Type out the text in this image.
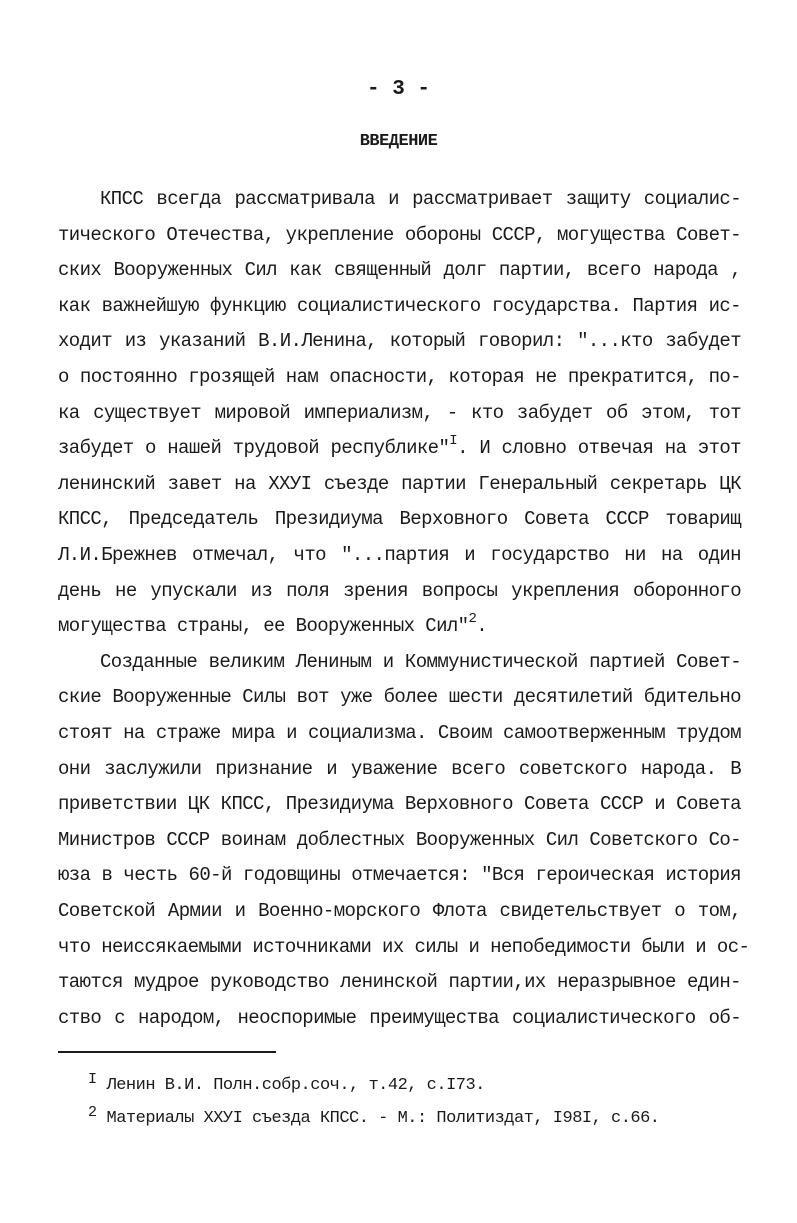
- 3 -
ВВЕДЕНИЕ
КПСС всегда рассматривала и рассматривает защиту социалис-
тического Отечества, укрепление обороны СССР, могущества Совет-
ских Вооруженных Сил как священный долг партии, всего народа ,
как важнейшую функцию социалистического государства. Партия ис-
ходит из указаний В.И.Ленина, который говорил: "...кто забудет
о постоянно грозящей нам опасности, которая не прекратится, по-
ка существует мировой империализм, - кто забудет об этом, тот
забудет о нашей трудовой республике"$^I$. И словно отвечая на этот
ленинский завет на ХХУI съезде партии Генеральный секретарь ЦК
КПСС, Председатель Президиума Верховного Совета СССР товарищ
Л.И.Брежнев отмечал, что "...партия и государство ни на один
день не упускали из поля зрения вопросы укрепления оборонного
могущества страны, ее Вооруженных Сил"$^2$.
Созданные великим Лениным и Коммунистической партией Совет-
ские Вооруженные Силы вот уже более шести десятилетий бдительно
стоят на страже мира и социализма. Своим самоотверженным трудом
они заслужили признание и уважение всего советского народа. В
приветствии ЦК КПСС, Президиума Верховного Совета СССР и Совета
Министров СССР воинам доблестных Вооруженных Сил Советского Со-
юза в честь 60-й годовщины отмечается: "Вся героическая история
Советской Армии и Военно-морского Флота свидетельствует о том,
что неиссякаемыми источниками их силы и непобедимости были и ос-
таются мудрое руководство ленинской партии,их неразрывное един-
ство с народом, неоспоримые преимущества социалистического об-
I Ленин В.И. Полн.собр.соч., т.42, с.I73.
2 Материалы ХХУI съезда КПСС. - М.: Политиздат, I98I, с.66.
